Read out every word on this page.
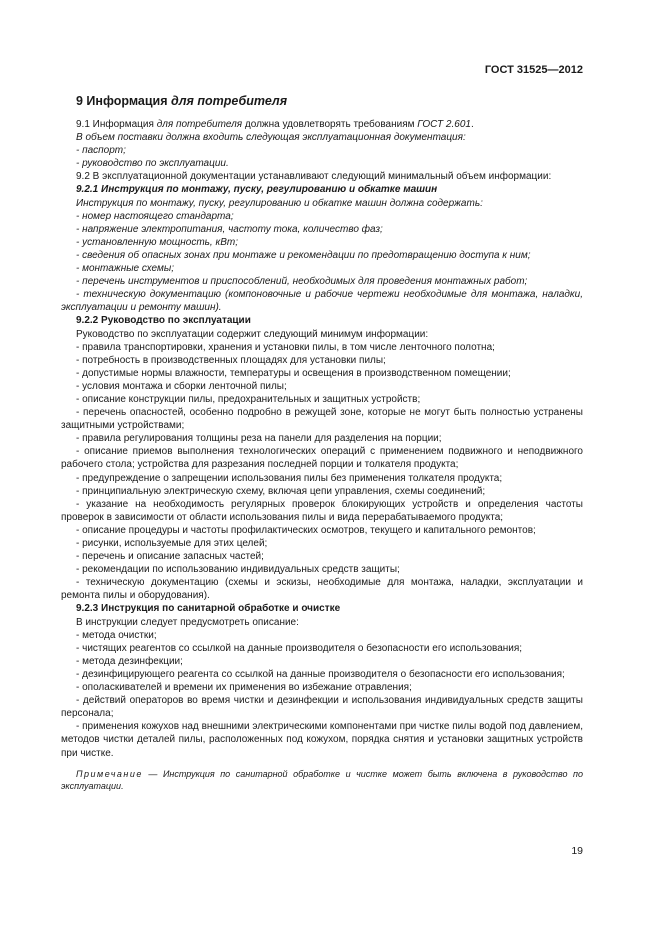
ГОСТ 31525—2012
9 Информация для потребителя

9.1 Информация для потребителя должна удовлетворять требованиям ГОСТ 2.601.

В объем поставки должна входить следующая эксплуатационная документация:

- паспорт;

- руководство по эксплуатации.

9.2 В эксплуатационной документации устанавливают следующий минимальный объем информации:

9.2.1 Инструкция по монтажу, пуску, регулированию и обкатке машин

Инструкция по монтажу, пуску, регулированию и обкатке машин должна содержать:

- номер настоящего стандарта;

- напряжение электропитания, частоту тока, количество фаз;

- установленную мощность, кВт;

- сведения об опасных зонах при монтаже и рекомендации по предотвращению доступа к ним;

- монтажные схемы;

- перечень инструментов и приспособлений, необходимых для проведения монтажных работ;

- техническую документацию (компоновочные и рабочие чертежи необходимые для монтажа, наладки, эксплуатации и ремонту машин).

9.2.2 Руководство по эксплуатации

Руководство по эксплуатации содержит следующий минимум информации:

- правила транспортировки, хранения и установки пилы, в том числе ленточного полотна;

- потребность в производственных площадях для установки пилы;

- допустимые нормы влажности, температуры и освещения в производственном помещении;

- условия монтажа и сборки ленточной пилы;

- описание конструкции пилы, предохранительных и защитных устройств;

- перечень опасностей, особенно подробно в режущей зоне, которые не могут быть полностью устранены защитными устройствами;

- правила регулирования толщины реза на панели для разделения на порции;

- описание приемов выполнения технологических операций с применением подвижного и неподвижного рабочего стола; устройства для разрезания последней порции и толкателя продукта;

- предупреждение о запрещении использования пилы без применения толкателя продукта;

- принципиальную электрическую схему, включая цепи управления, схемы соединений;

- указание на необходимость регулярных проверок блокирующих устройств и определения частоты проверок в зависимости от области использования пилы и вида перерабатываемого продукта;

- описание процедуры и частоты профилактических осмотров, текущего и капитального ремонтов;

- рисунки, используемые для этих целей;

- перечень и описание запасных частей;

- рекомендации по использованию индивидуальных средств защиты;

- техническую документацию (схемы и эскизы, необходимые для монтажа, наладки, эксплуатации и ремонта пилы и оборудования).

9.2.3 Инструкция по санитарной обработке и очистке

В инструкции следует предусмотреть описание:

- метода очистки;

- чистящих реагентов со ссылкой на данные производителя о безопасности его использования;

- метода дезинфекции;

- дезинфицирующего реагента со ссылкой на данные производителя о безопасности его использования;

- ополаскивателей и времени их применения во избежание отравления;

- действий операторов во время чистки и дезинфекции и использования индивидуальных средств защиты персонала;

- применения кожухов над внешними электрическими компонентами при чистке пилы водой под давлением, методов чистки деталей пилы, расположенных под кожухом, порядка снятия и установки защитных устройств при чистке.

Примечание — Инструкция по санитарной обработке и чистке может быть включена в руководство по эксплуатации.

19
